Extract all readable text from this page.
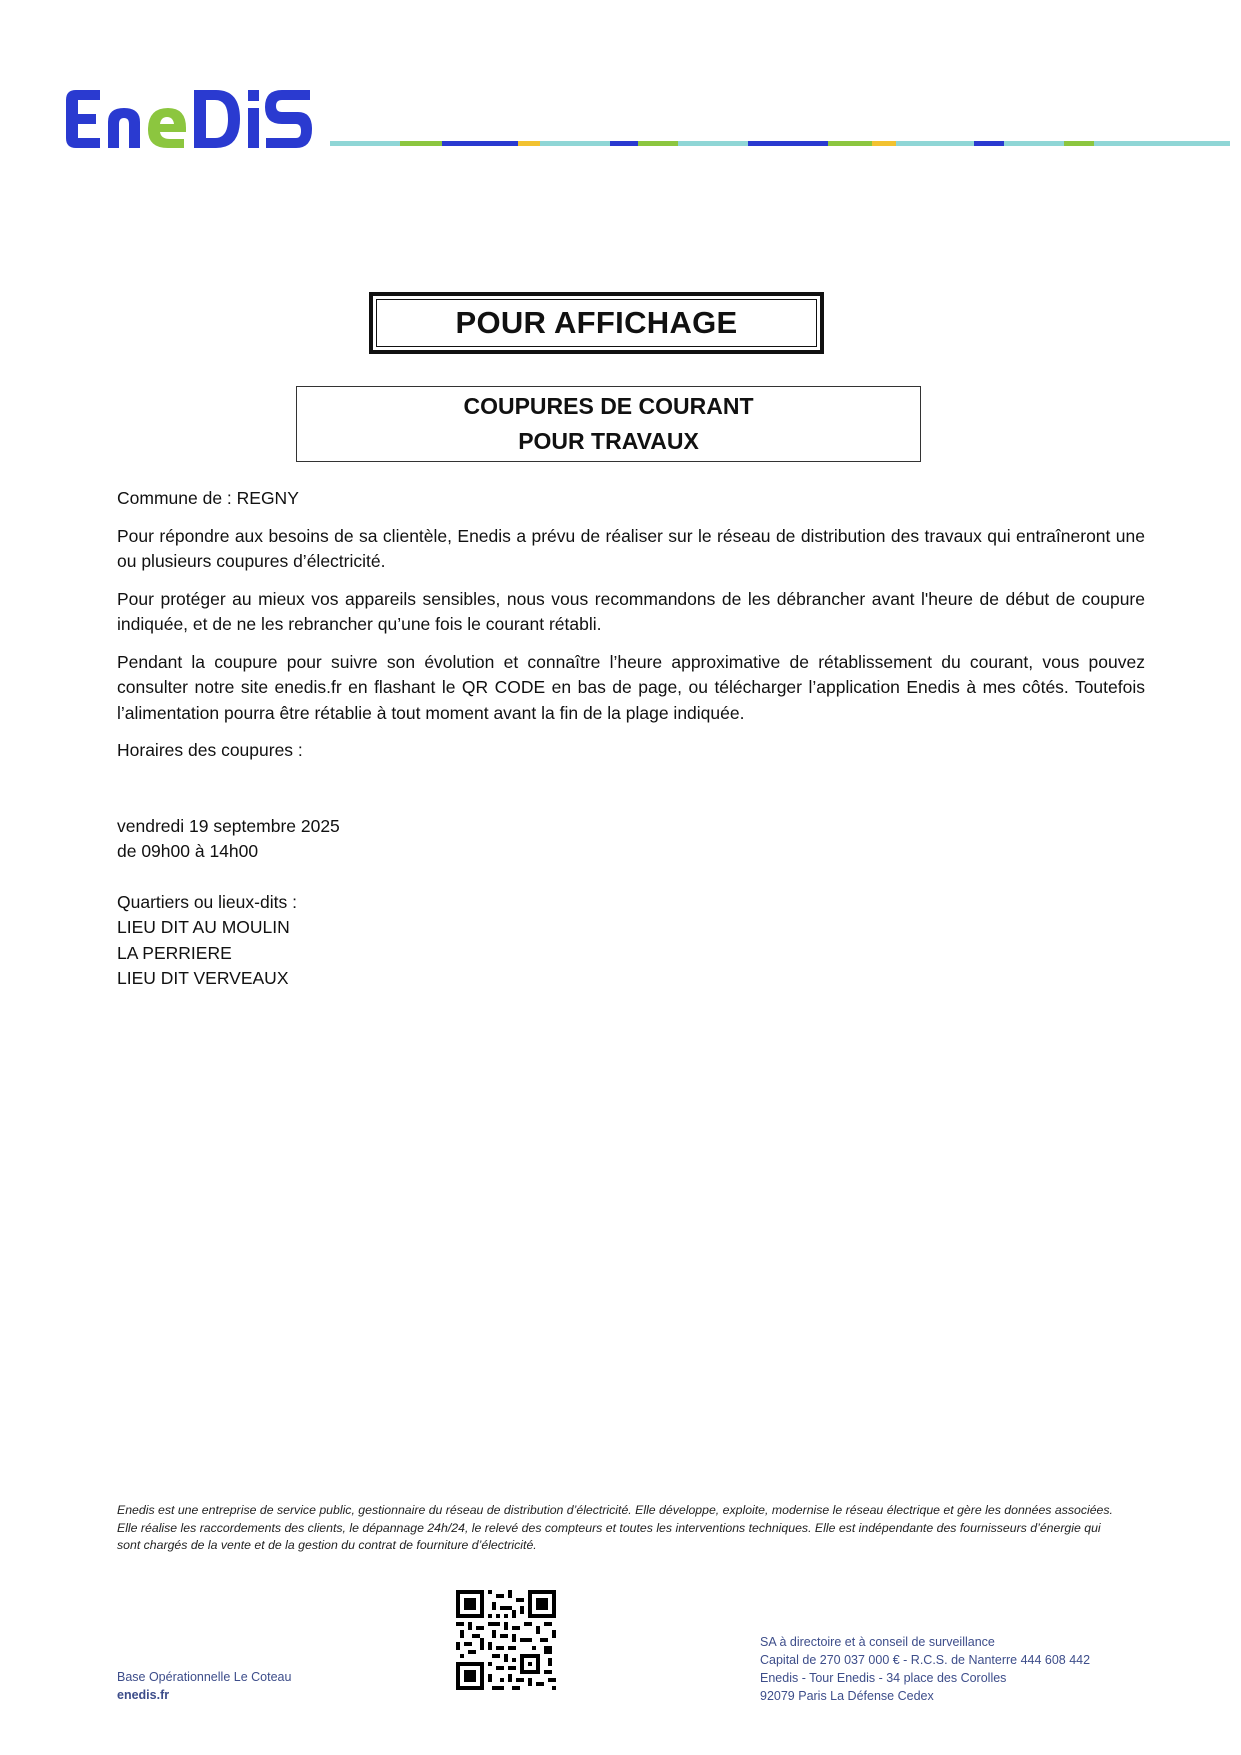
POUR AFFICHAGE
COUPURES DE COURANT
POUR TRAVAUX

Commune de : REGNY

Pour répondre aux besoins de sa clientèle, Enedis a prévu de réaliser sur le réseau de distribution des travaux qui entraîneront une ou plusieurs coupures d’électricité.

Pour protéger au mieux vos appareils sensibles, nous vous recommandons de les débrancher avant l'heure de début de coupure indiquée, et de ne les rebrancher qu’une fois le courant rétabli.

Pendant la coupure pour suivre son évolution et connaître l’heure approximative de rétablissement du courant, vous pouvez consulter notre site enedis.fr en flashant le QR CODE en bas de page, ou télécharger l’application Enedis à mes côtés. Toutefois l’alimentation pourra être rétablie à tout moment avant la fin de la plage indiquée.

Horaires des coupures :

vendredi 19 septembre 2025
de 09h00 à 14h00
Quartiers ou lieux-dits :
LIEU DIT AU MOULIN
LA PERRIERE
LIEU DIT VERVEAUX
Enedis est une entreprise de service public, gestionnaire du réseau de distribution d’électricité. Elle développe, exploite, modernise le réseau électrique et gère les données associées. Elle réalise les raccordements des clients, le dépannage 24h/24, le relevé des compteurs et toutes les interventions techniques. Elle est indépendante des fournisseurs d’énergie qui sont chargés de la vente et de la gestion du contrat de fourniture d’électricité.
Base Opérationnelle Le Coteau
enedis.fr
SA à directoire et à conseil de surveillance
Capital de 270 037 000 € - R.C.S. de Nanterre 444 608 442
Enedis - Tour Enedis - 34 place des Corolles
92079 Paris La Défense Cedex
